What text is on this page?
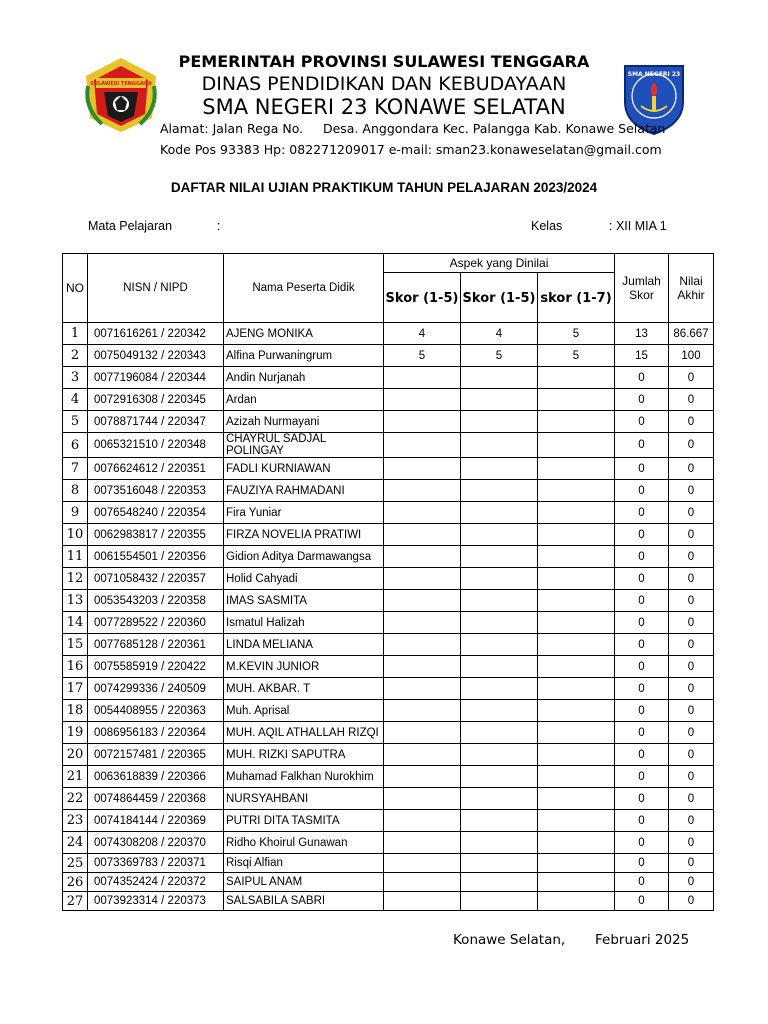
SULAWESI TENGGARA
SMA NEGERI 23
PEMERINTAH PROVINSI SULAWESI TENGGARA
DINAS PENDIDIKAN DAN KEBUDAYAAN
SMA NEGERI 23 KONAWE SELATAN
Alamat: Jalan Rega No.     Desa. Anggondara Kec. Palangga Kab. Konawe Selatan
Kode Pos 93383 Hp: 082271209017 e-mail: sman23.konaweselatan@gmail.com
DAFTAR NILAI UJIAN PRAKTIKUM TAHUN PELAJARAN 2023/2024
Mata Pelajaran	:	Kelas	: XII MIA 1
NO	NISN / NIPD	Nama Peserta Didik	Aspek yang Dinilai			Jumlah Skor	Nilai Akhir

			Skor (1-5)	Skor (1-5)	skor (1-7)		

1	0071616261 / 220342	AJENG MONIKA	4	4	5	13	86.667
2	0075049132 / 220343	Alfina Purwaningrum	5	5	5	15	100
3	0077196084 / 220344	Andin Nurjanah				0	0
4	0072916308 / 220345	Ardan				0	0
5	0078871744 / 220347	Azizah Nurmayani				0	0
6	0065321510 / 220348	CHAYRUL SADJAL POLINGAY				0	0
7	0076624612 / 220351	FADLI KURNIAWAN				0	0
8	0073516048 / 220353	FAUZIYA RAHMADANI				0	0
9	0076548240 / 220354	Fira Yuniar				0	0
10	0062983817 / 220355	FIRZA NOVELIA PRATIWI				0	0
11	0061554501 / 220356	Gidion Aditya Darmawangsa				0	0
12	0071058432 / 220357	Holid Cahyadi				0	0
13	0053543203 / 220358	IMAS SASMITA				0	0
14	0077289522 / 220360	Ismatul Halizah				0	0
15	0077685128 / 220361	LINDA MELIANA				0	0
16	0075585919 / 220422	M.KEVIN JUNIOR				0	0
17	0074299336 / 240509	MUH. AKBAR. T				0	0
18	0054408955 / 220363	Muh. Aprisal				0	0
19	0086956183 / 220364	MUH. AQIL ATHALLAH RIZQI				0	0
20	0072157481 / 220365	MUH. RIZKI SAPUTRA				0	0
21	0063618839 / 220366	Muhamad Falkhan Nurokhim				0	0
22	0074864459 / 220368	NURSYAHBANI				0	0
23	0074184144 / 220369	PUTRI DITA TASMITA				0	0
24	0074308208 / 220370	Ridho Khoirul Gunawan				0	0
25	0073369783 / 220371	Risqi Alfian				0	0
26	0074352424 / 220372	SAIPUL ANAM				0	0
27	0073923314 / 220373	SALSABILA SABRI				0	0
Konawe Selatan, Februari 2025
